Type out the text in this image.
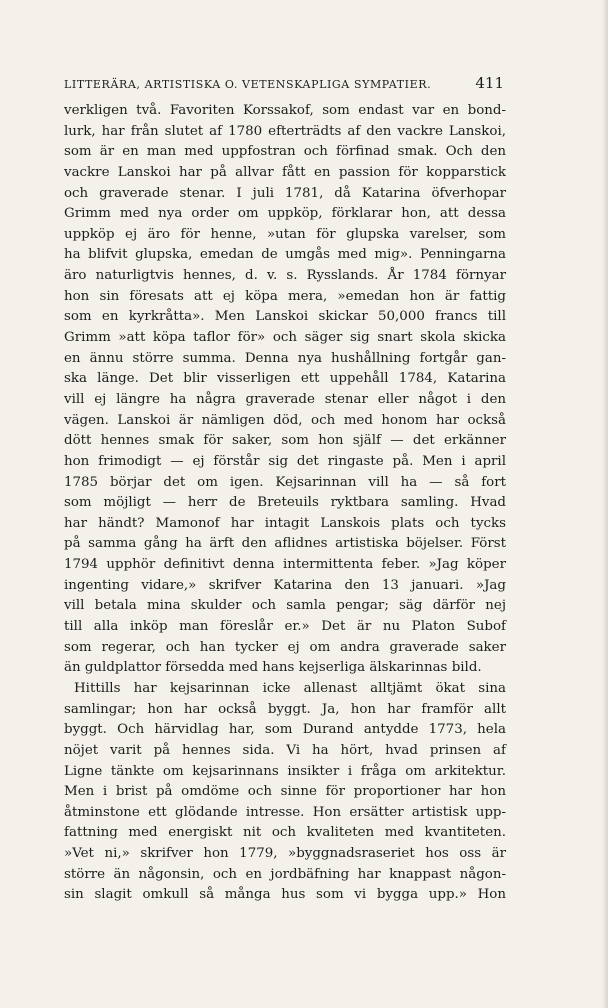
LITTERÄRA, ARTISTISKA O. VETENSKAPLIGA SYMPATIER.	411
verkligen två. Favoriten Korssakof, som endast var en bond-
lurk, har från slutet af 1780 efterträdts af den vackre Lanskoi,
som är en man med uppfostran och förfinad smak. Och den
vackre Lanskoi har på allvar fått en passion för kopparstick
och graverade stenar. I juli 1781, då Katarina öfverhopar
Grimm med nya order om uppköp, förklarar hon, att dessa
uppköp ej äro för henne, »utan för glupska varelser, som
ha blifvit glupska, emedan de umgås med mig». Penningarna
äro naturligtvis hennes, d. v. s. Rysslands. År 1784 förnyar
hon sin föresats att ej köpa mera, »emedan hon är fattig
som en kyrkråtta». Men Lanskoi skickar 50,000 francs till
Grimm »att köpa taflor för» och säger sig snart skola skicka
en ännu större summa. Denna nya hushållning fortgår gan-
ska länge. Det blir visserligen ett uppehåll 1784, Katarina
vill ej längre ha några graverade stenar eller något i den
vägen. Lanskoi är nämligen död, och med honom har också
dött hennes smak för saker, som hon själf — det erkänner
hon frimodigt — ej förstår sig det ringaste på. Men i april
1785 börjar det om igen. Kejsarinnan vill ha — så fort
som möjligt — herr de Breteuils ryktbara samling. Hvad
har händt? Mamonof har intagit Lanskois plats och tycks
på samma gång ha ärft den aflidnes artistiska böjelser. Först
1794 upphör definitivt denna intermittenta feber. »Jag köper
ingenting vidare,» skrifver Katarina den 13 januari. »Jag
vill betala mina skulder och samla pengar; säg därför nej
till alla inköp man föreslår er.» Det är nu Platon Subof
som regerar, och han tycker ej om andra graverade saker
än guldplattor försedda med hans kejserliga älskarinnas bild.
Hittills har kejsarinnan icke allenast alltjämt ökat sina
samlingar; hon har också byggt. Ja, hon har framför allt
byggt. Och härvidlag har, som Durand antydde 1773, hela
nöjet varit på hennes sida. Vi ha hört, hvad prinsen af
Ligne tänkte om kejsarinnans insikter i fråga om arkitektur.
Men i brist på omdöme och sinne för proportioner har hon
åtminstone ett glödande intresse. Hon ersätter artistisk upp-
fattning med energiskt nit och kvaliteten med kvantiteten.
»Vet ni,» skrifver hon 1779, »byggnadsraseriet hos oss är
större än någonsin, och en jordbäfning har knappast någon-
sin slagit omkull så många hus som vi bygga upp.» Hon
